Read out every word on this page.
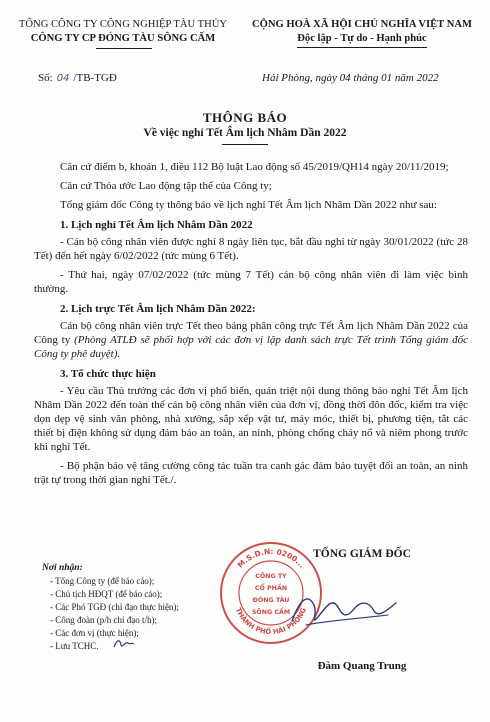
TỔNG CÔNG TY CÔNG NGHIỆP TÀU THỦY
CÔNG TY CP ĐÓNG TÀU SÔNG CẤM
CỘNG HOÀ XÃ HỘI CHỦ NGHĨA VIỆT NAM
Độc lập - Tự do - Hạnh phúc
Số: 04 /TB-TGĐ	Hải Phòng, ngày 04 tháng 01 năm 2022
THÔNG BÁO
Về việc nghỉ Tết Âm lịch Nhâm Dần 2022

Căn cứ điểm b, khoản 1, điều 112 Bộ luật Lao động số 45/2019/QH14 ngày 20/11/2019;

Căn cứ Thỏa ước Lao động tập thể của Công ty;

Tổng giám đốc Công ty thông báo về lịch nghỉ Tết Âm lịch Nhâm Dần 2022 như sau:

1. Lịch nghỉ Tết Âm lịch Nhâm Dần 2022

- Cán bộ công nhân viên được nghỉ 8 ngày liên tục, bắt đầu nghỉ từ ngày 30/01/2022 (tức 28 Tết) đến hết ngày 6/02/2022 (tức mùng 6 Tết).

- Thứ hai, ngày 07/02/2022 (tức mùng 7 Tết) cán bộ công nhân viên đi làm việc bình thường.

2. Lịch trực Tết Âm lịch Nhâm Dần 2022:

Cán bộ công nhân viên trực Tết theo bảng phân công trực Tết Âm lịch Nhâm Dần 2022 của Công ty (Phòng ATLĐ sẽ phối hợp với các đơn vị lập danh sách trực Tết trình Tổng giám đốc Công ty phê duyệt).

3. Tổ chức thực hiện

- Yêu cầu Thủ trưởng các đơn vị phổ biến, quán triệt nội dung thông báo nghỉ Tết Âm lịch Nhâm Dần 2022 đến toàn thể cán bộ công nhân viên của đơn vị, đồng thời đôn đốc, kiểm tra việc dọn dẹp vệ sinh văn phòng, nhà xưởng, sắp xếp vật tư, máy móc, thiết bị, phương tiện, tắt các thiết bị điện không sử dụng đảm bảo an toàn, an ninh, phòng chống cháy nổ và niêm phong trước khi nghỉ Tết.

- Bộ phận bảo vệ tăng cường công tác tuần tra canh gác đảm bảo tuyệt đối an toàn, an ninh trật tự trong thời gian nghỉ Tết./.

Nơi nhận:
- Tổng Công ty (để báo cáo);
- Chủ tịch HĐQT (để báo cáo);
- Các Phó TGĐ (chỉ đạo thực hiện);
- Công đoàn (p/h chỉ đạo t/h);
- Các đơn vị (thực hiện);
- Lưu TCHC.
TỔNG GIÁM ĐỐC
M.S.D.N: 0200...
THÀNH PHỐ HẢI PHÒNG
CÔNG TY
CỔ PHẦN
ĐÓNG TÀU
SÔNG CẤM
Đàm Quang Trung
